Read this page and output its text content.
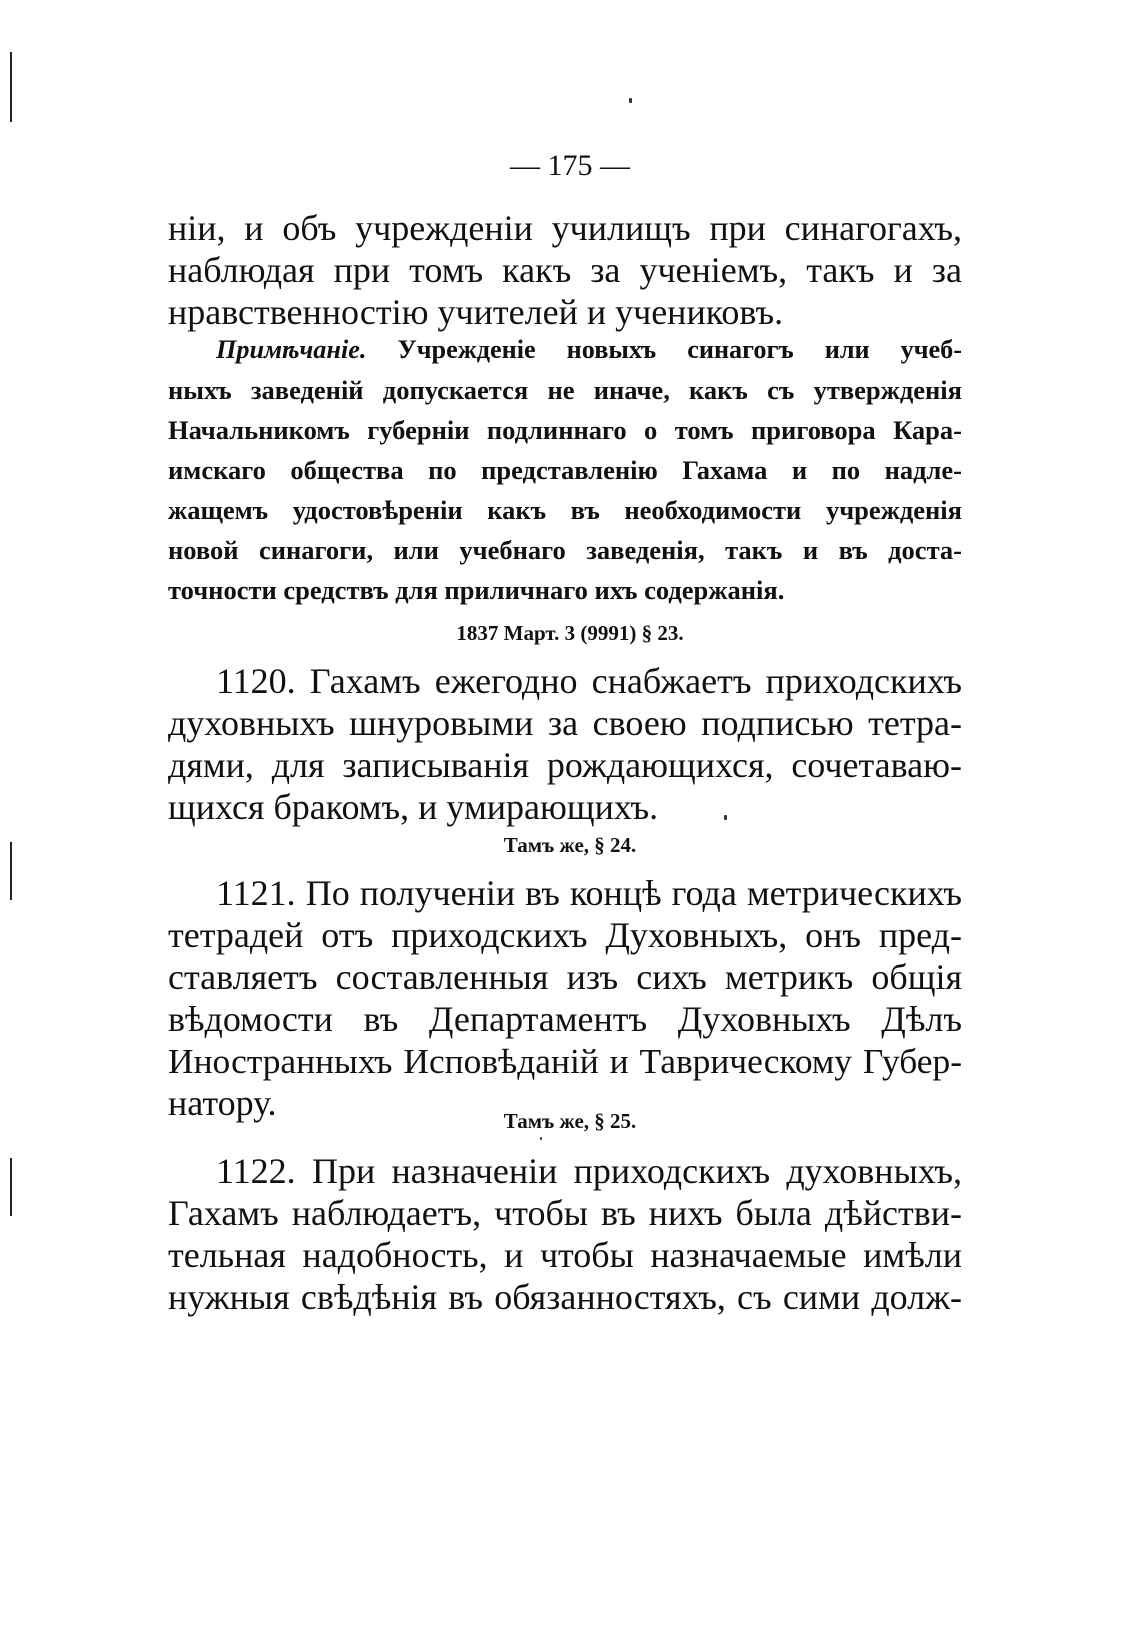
— 175 —
нiи, и объ учрежденiи училищъ при синагогахъ,
наблюдая при томъ какъ за ученiемъ, такъ и за
нравственностiю учителей и учениковъ.
Примѣчанiе. Учрежденiе новыхъ синагогъ или учеб-
ныхъ заведенiй допускается не иначе, какъ съ утвержденiя
Начальникомъ губернiи подлиннаго о томъ приговора Кара-
имскаго общества по представленiю Гахама и по надле-
жащемъ удостовѣренiи какъ въ необходимости учрежденiя
новой синагоги, или учебнаго заведенiя, такъ и въ доста-
точности средствъ для приличнаго ихъ содержанiя.
1837 Март. 3 (9991) § 23.
1120. Гахамъ ежегодно снабжаетъ приходскихъ
духовныхъ шнуровыми за своею подписью тетра-
дями, для записыванiя рождающихся, сочетаваю-
щихся бракомъ, и умирающихъ.
Тамъ же, § 24.
1121. По полученiи въ концѣ года метрическихъ
тетрадей отъ приходскихъ Духовныхъ, онъ пред-
ставляетъ составленныя изъ сихъ метрикъ общiя
вѣдомости въ Департаментъ Духовныхъ Дѣлъ
Иностранныхъ Исповѣданiй и Таврическому Губер-
натору.	Тамъ же, § 25.
1122. При назначенiи приходскихъ духовныхъ,
Гахамъ наблюдаетъ, чтобы въ нихъ была дѣйстви-
тельная надобность, и чтобы назначаемые имѣли
нужныя свѣдѣнiя въ обязанностяхъ, съ сими долж-
